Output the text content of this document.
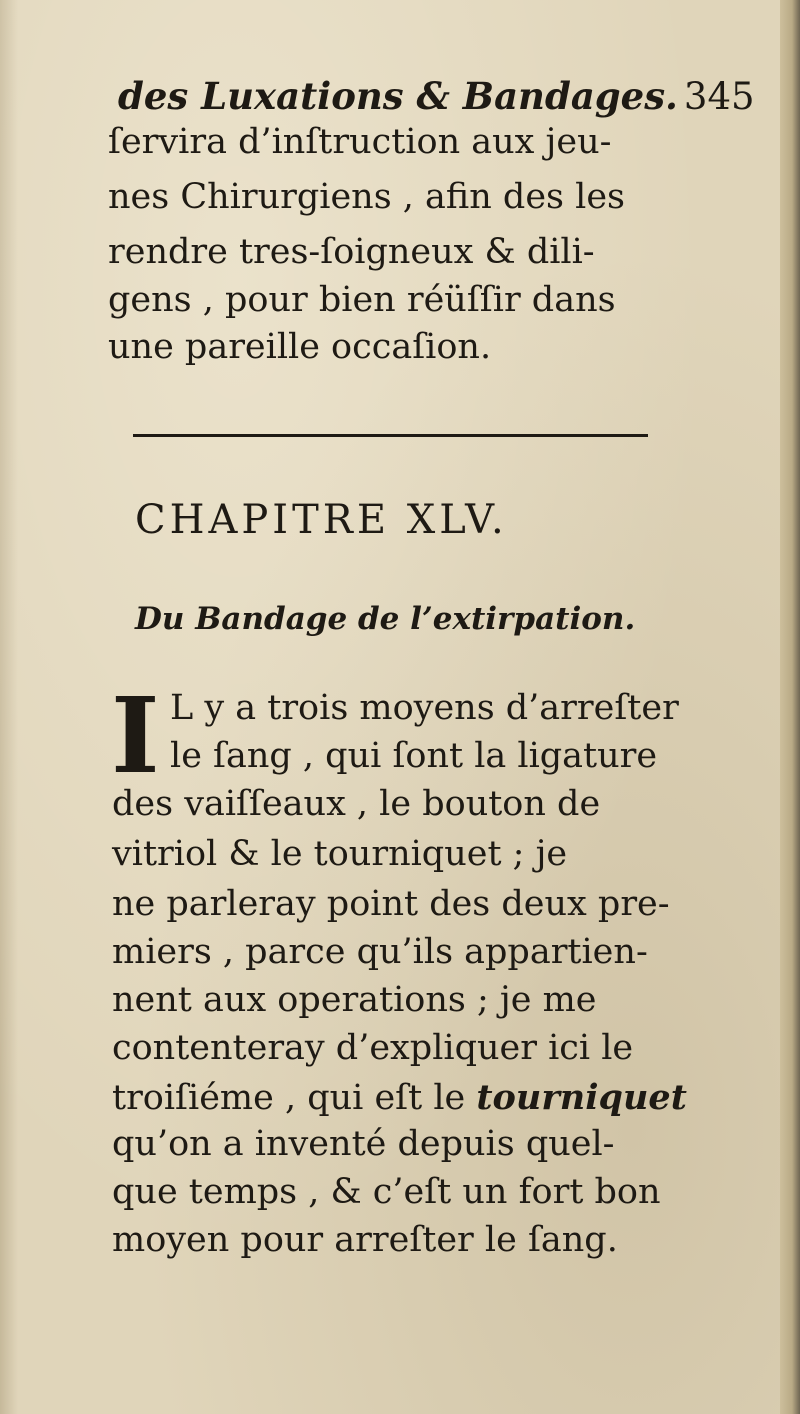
des Luxations & Bandages. 345
ſervira d’inſtruction aux jeu-
nes Chirurgiens , afin des les
rendre tres-ſoigneux & dili-
gens , pour bien réüſſir dans
une pareille occaſion.
CHAPITRE XLV.
Du Bandage de l’extirpation.
I L y a trois moyens d’arreſter
le ſang , qui ſont la ligature
des vaiſſeaux , le bouton de
vitriol & le tourniquet ; je
ne parleray point des deux pre-
miers , parce qu’ils appartien-
nent aux operations ; je me
contenteray d’expliquer ici le
troiſiéme , qui eſt le tourniquet
qu’on a inventé depuis quel-
que temps , & c’eſt un fort bon
moyen pour arreſter le ſang.
